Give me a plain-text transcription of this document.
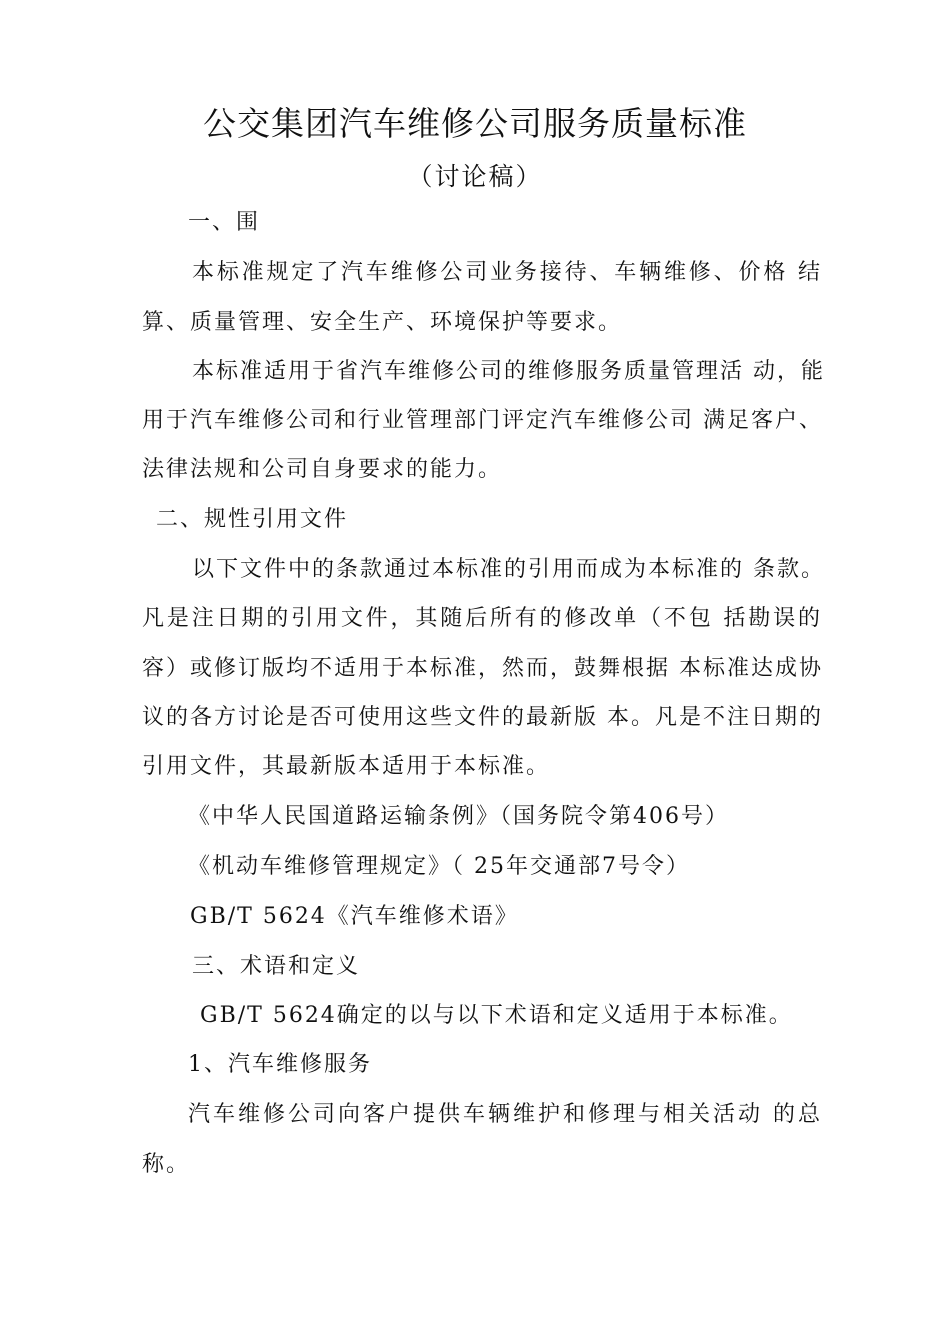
公交集团汽车维修公司服务质量标准
（讨论稿）
一、围
本标准规定了汽车维修公司业务接待、车辆维修、价格 结
算、质量管理、安全生产、环境保护等要求。
本标准适用于省汽车维修公司的维修服务质量管理活 动，能
用于汽车维修公司和行业管理部门评定汽车维修公司 满足客户、
法律法规和公司自身要求的能力。
二、规性引用文件
以下文件中的条款通过本标准的引用而成为本标准的 条款。
凡是注日期的引用文件，其随后所有的修改单（不包 括勘误的
容）或修订版均不适用于本标准，然而，鼓舞根据 本标准达成协
议的各方讨论是否可使用这些文件的最新版 本。凡是不注日期的
引用文件，其最新版本适用于本标准。
《中华人民国道路运输条例》（国务院令第406号）
《机动车维修管理规定》（ 25年交通部7号令）
GB/T 5624《汽车维修术语》
三、术语和定义
GB/T 5624确定的以与以下术语和定义适用于本标准。
1、汽车维修服务
汽车维修公司向客户提供车辆维护和修理与相关活动 的总
称。
